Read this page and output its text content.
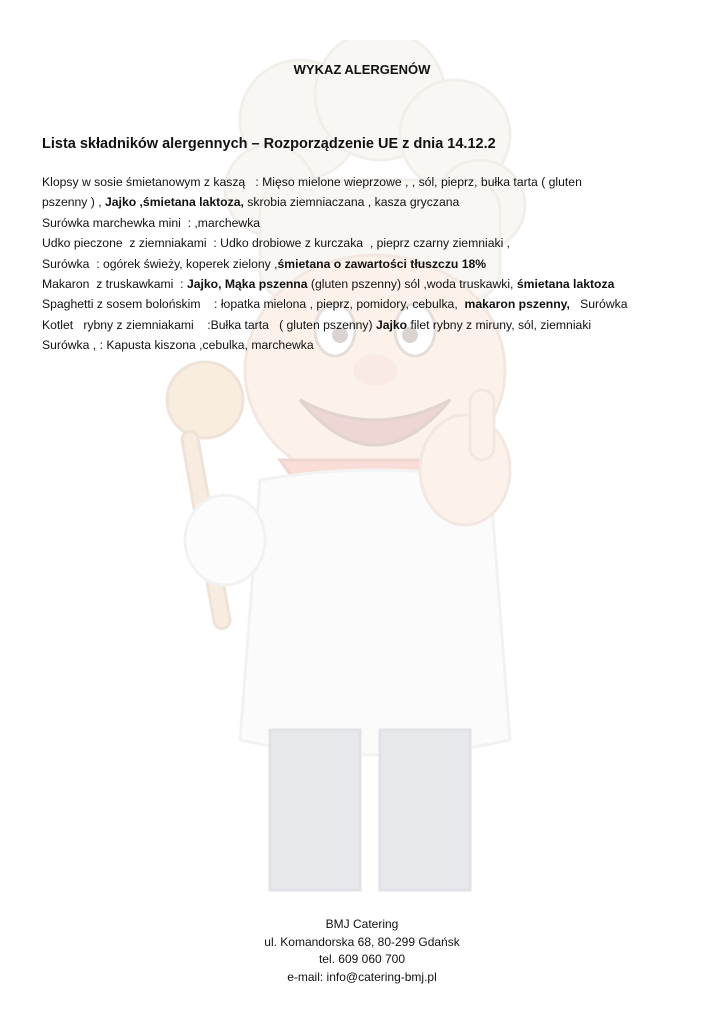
WYKAZ ALERGENÓW
Lista składników alergennych – Rozporządzenie UE z dnia 14.12.2
Klopsy w sosie śmietanowym z kaszą   : Mięso mielone wieprzowe , , sól, pieprz, bułka tarta ( gluten
pszenny ) , Jajko ,śmietana laktoza, skrobia ziemniaczana , kasza gryczana
Surówka marchewka mini  : ,marchewka
Udko pieczone  z ziemniakami  : Udko drobiowe z kurczaka  , pieprz czarny ziemniaki ,
Surówka  : ogórek świeży, koperek zielony ,śmietana o zawartości tłuszczu 18%
Makaron  z truskawkami  : Jajko, Mąka pszenna (gluten pszenny) sól ,woda truskawki, śmietana laktoza
Spaghetti z sosem bolońskim    : łopatka mielona , pieprz, pomidory, cebulka,  makaron pszenny,   Surówka
Kotlet   rybny z ziemniakami    :Bułka tarta   ( gluten pszenny) Jajko filet rybny z miruny, sól, ziemniaki
Surówka , : Kapusta kiszona ,cebulka, marchewka
BMJ Catering
ul. Komandorska 68, 80-299 Gdańsk
tel. 609 060 700
e-mail: info@catering-bmj.pl
